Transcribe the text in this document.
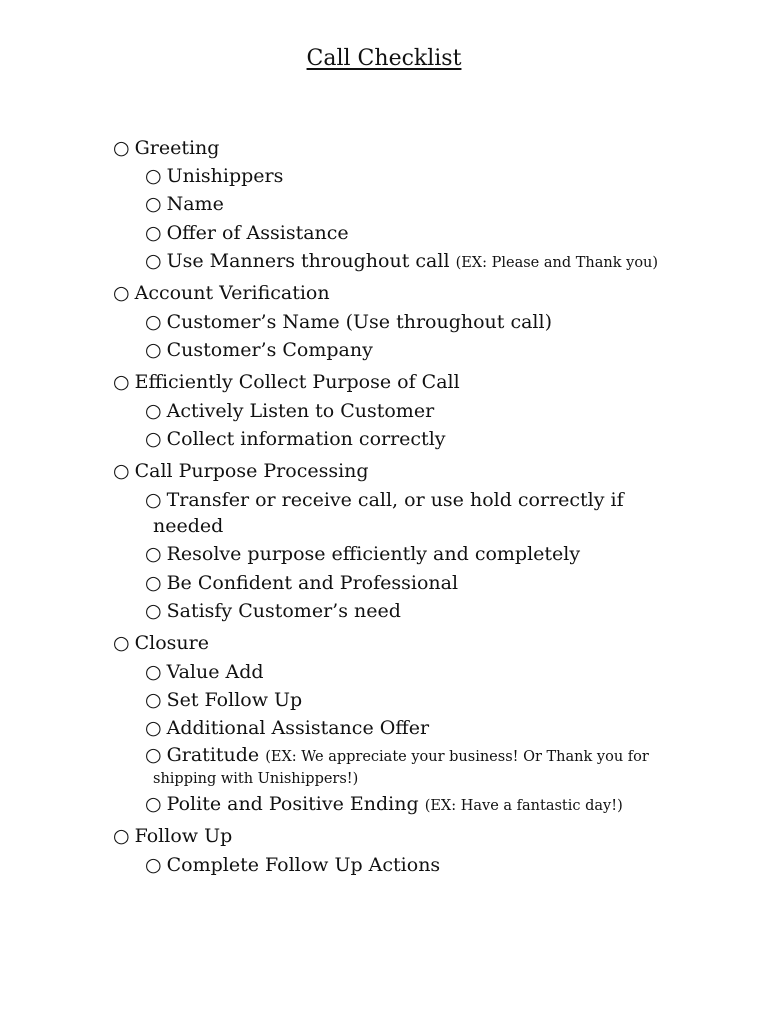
Call Checklist
○ Greeting
○ Unishippers
○ Name
○ Offer of Assistance
○ Use Manners throughout call (EX: Please and Thank you)
○ Account Verification
○ Customer’s Name (Use throughout call)
○ Customer’s Company
○ Efficiently Collect Purpose of Call
○ Actively Listen to Customer
○ Collect information correctly
○ Call Purpose Processing
○ Transfer or receive call, or use hold correctly if
needed
○ Resolve purpose efficiently and completely
○ Be Confident and Professional
○ Satisfy Customer’s need
○ Closure
○ Value Add
○ Set Follow Up
○ Additional Assistance Offer
○ Gratitude (EX: We appreciate your business! Or Thank you for
shipping with Unishippers!)
○ Polite and Positive Ending (EX: Have a fantastic day!)
○ Follow Up
○ Complete Follow Up Actions
